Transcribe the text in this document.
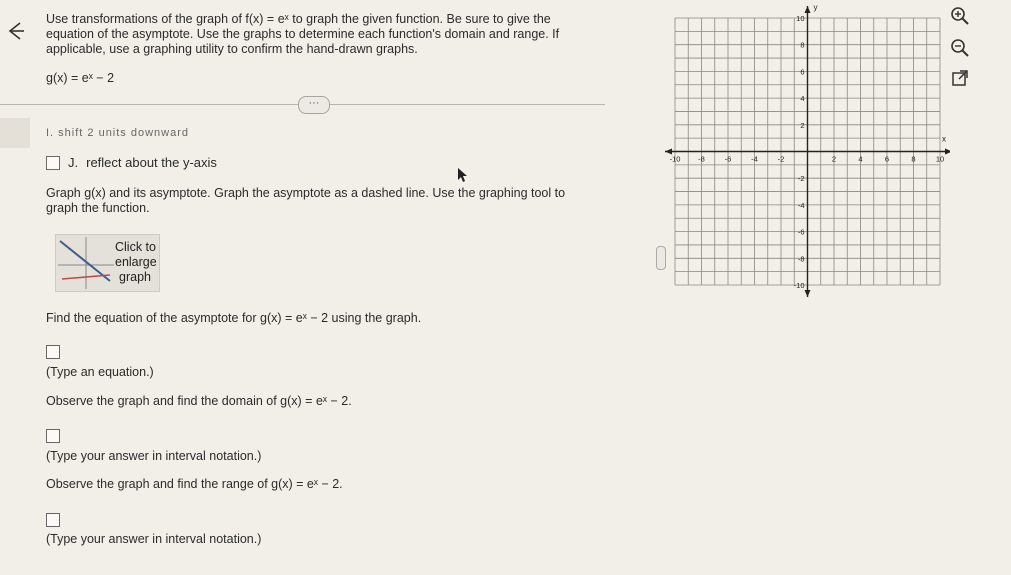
Use transformations of the graph of f(x) = eˣ to graph the given function. Be sure to give the equation of the asymptote. Use the graphs to determine each function's domain and range. If applicable, use a graphing utility to confirm the hand-drawn graphs.
g(x) = eˣ − 2
···
I. shift 2 units downward
J. reflect about the y-axis
Graph g(x) and its asymptote. Graph the asymptote as a dashed line. Use the graphing tool to graph the function.
Click to
enlarge
graph
Find the equation of the asymptote for g(x) = eˣ − 2 using the graph.
(Type an equation.)
Observe the graph and find the domain of g(x) = eˣ − 2.
(Type your answer in interval notation.)
Observe the graph and find the range of g(x) = eˣ − 2.
(Type your answer in interval notation.)
x
y
-10 -8	-6	-4	-2	2	4	6	8	10
10
8
6
4
2
-2
-4
-6
-8
-10
